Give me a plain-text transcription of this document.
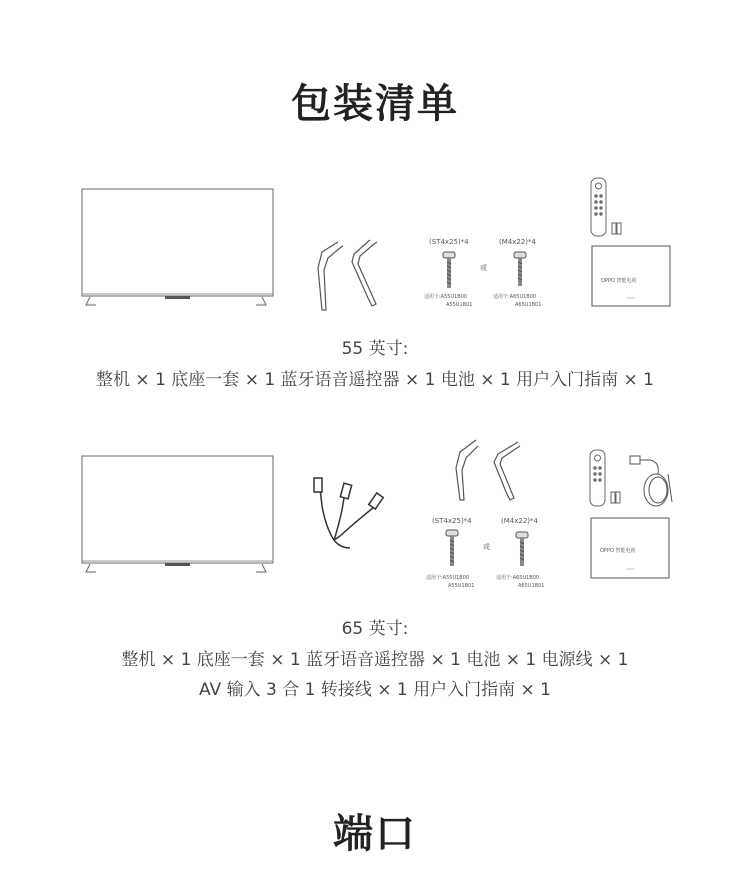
包装清单
(ST4x25)*4	(M4x22)*4
或
适用于:A55U1B00
A55U1B01
适用于:A65U1B00
A65U1B01
OPPO 智能电视
55 英寸:
整机 × 1 底座一套 × 1 蓝牙语音遥控器 × 1 电池 × 1 用户入门指南 × 1
(ST4x25)*4	(M4x22)*4
或
适用于:A55U1B00
A55U1B01
适用于:A65U1B00
A65U1B01
OPPO 智能电视
65 英寸:
整机 × 1 底座一套 × 1 蓝牙语音遥控器 × 1 电池 × 1 电源线 × 1
AV 输入 3 合 1 转接线 × 1 用户入门指南 × 1
端口
